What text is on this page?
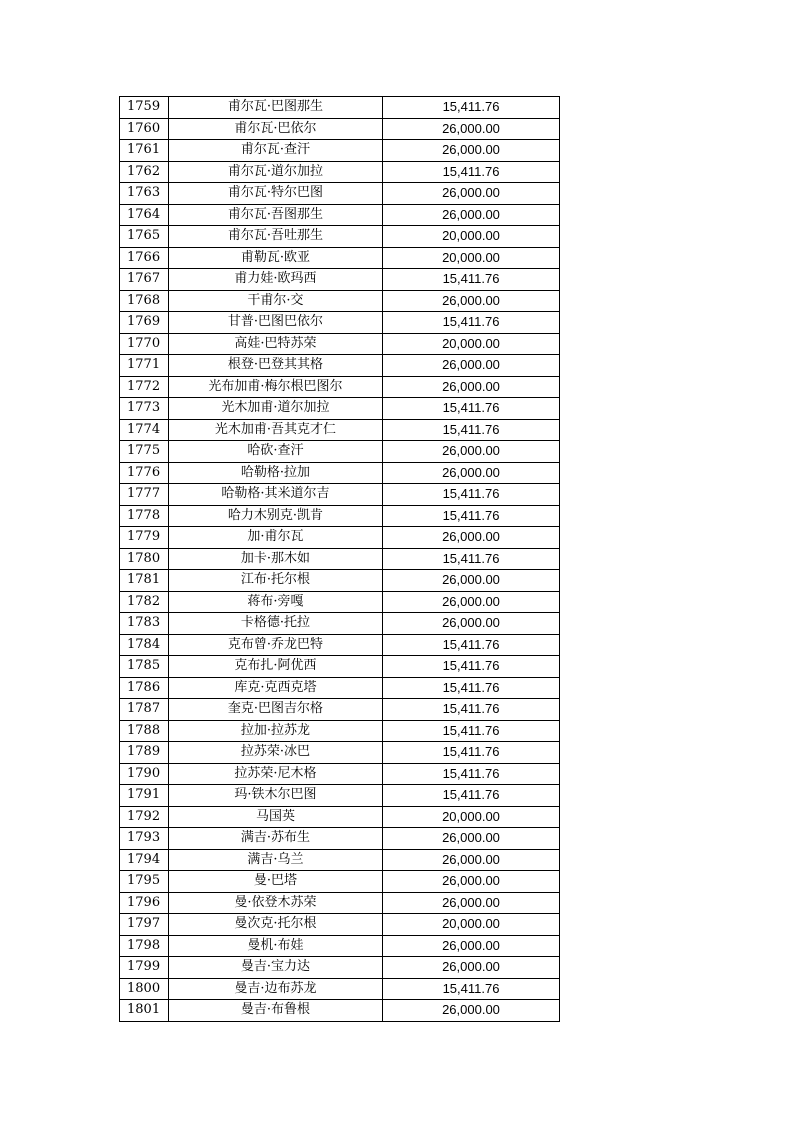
1759	甫尔瓦·巴图那生	15,411.76
1760	甫尔瓦·巴依尔	26,000.00
1761	甫尔瓦·查汗	26,000.00
1762	甫尔瓦·道尔加拉	15,411.76
1763	甫尔瓦·特尔巴图	26,000.00
1764	甫尔瓦·吾图那生	26,000.00
1765	甫尔瓦·吾吐那生	20,000.00
1766	甫勒瓦·欧亚	20,000.00
1767	甫力娃·欧玛西	15,411.76
1768	干甫尔·交	26,000.00
1769	甘普·巴图巴依尔	15,411.76
1770	高娃·巴特苏荣	20,000.00
1771	根登·巴登其其格	26,000.00
1772	光布加甫·梅尔根巴图尔	26,000.00
1773	光木加甫·道尔加拉	15,411.76
1774	光木加甫·吾其克才仁	15,411.76
1775	哈砍·查汗	26,000.00
1776	哈勒格·拉加	26,000.00
1777	哈勒格·其米道尔吉	15,411.76
1778	哈力木别克·凯肯	15,411.76
1779	加·甫尔瓦	26,000.00
1780	加卡·那木如	15,411.76
1781	江布·托尔根	26,000.00
1782	蒋布·旁嘎	26,000.00
1783	卡格德·托拉	26,000.00
1784	克布曾·乔龙巴特	15,411.76
1785	克布扎·阿优西	15,411.76
1786	库克·克西克塔	15,411.76
1787	奎克·巴图吉尔格	15,411.76
1788	拉加·拉苏龙	15,411.76
1789	拉苏荣·冰巴	15,411.76
1790	拉苏荣·尼木格	15,411.76
1791	玛·铁木尔巴图	15,411.76
1792	马国英	20,000.00
1793	满吉·苏布生	26,000.00
1794	满吉·乌兰	26,000.00
1795	曼·巴塔	26,000.00
1796	曼·依登木苏荣	26,000.00
1797	曼次克·托尔根	20,000.00
1798	曼机·布娃	26,000.00
1799	曼吉·宝力达	26,000.00
1800	曼吉·边布苏龙	15,411.76
1801	曼吉·布鲁根	26,000.00
